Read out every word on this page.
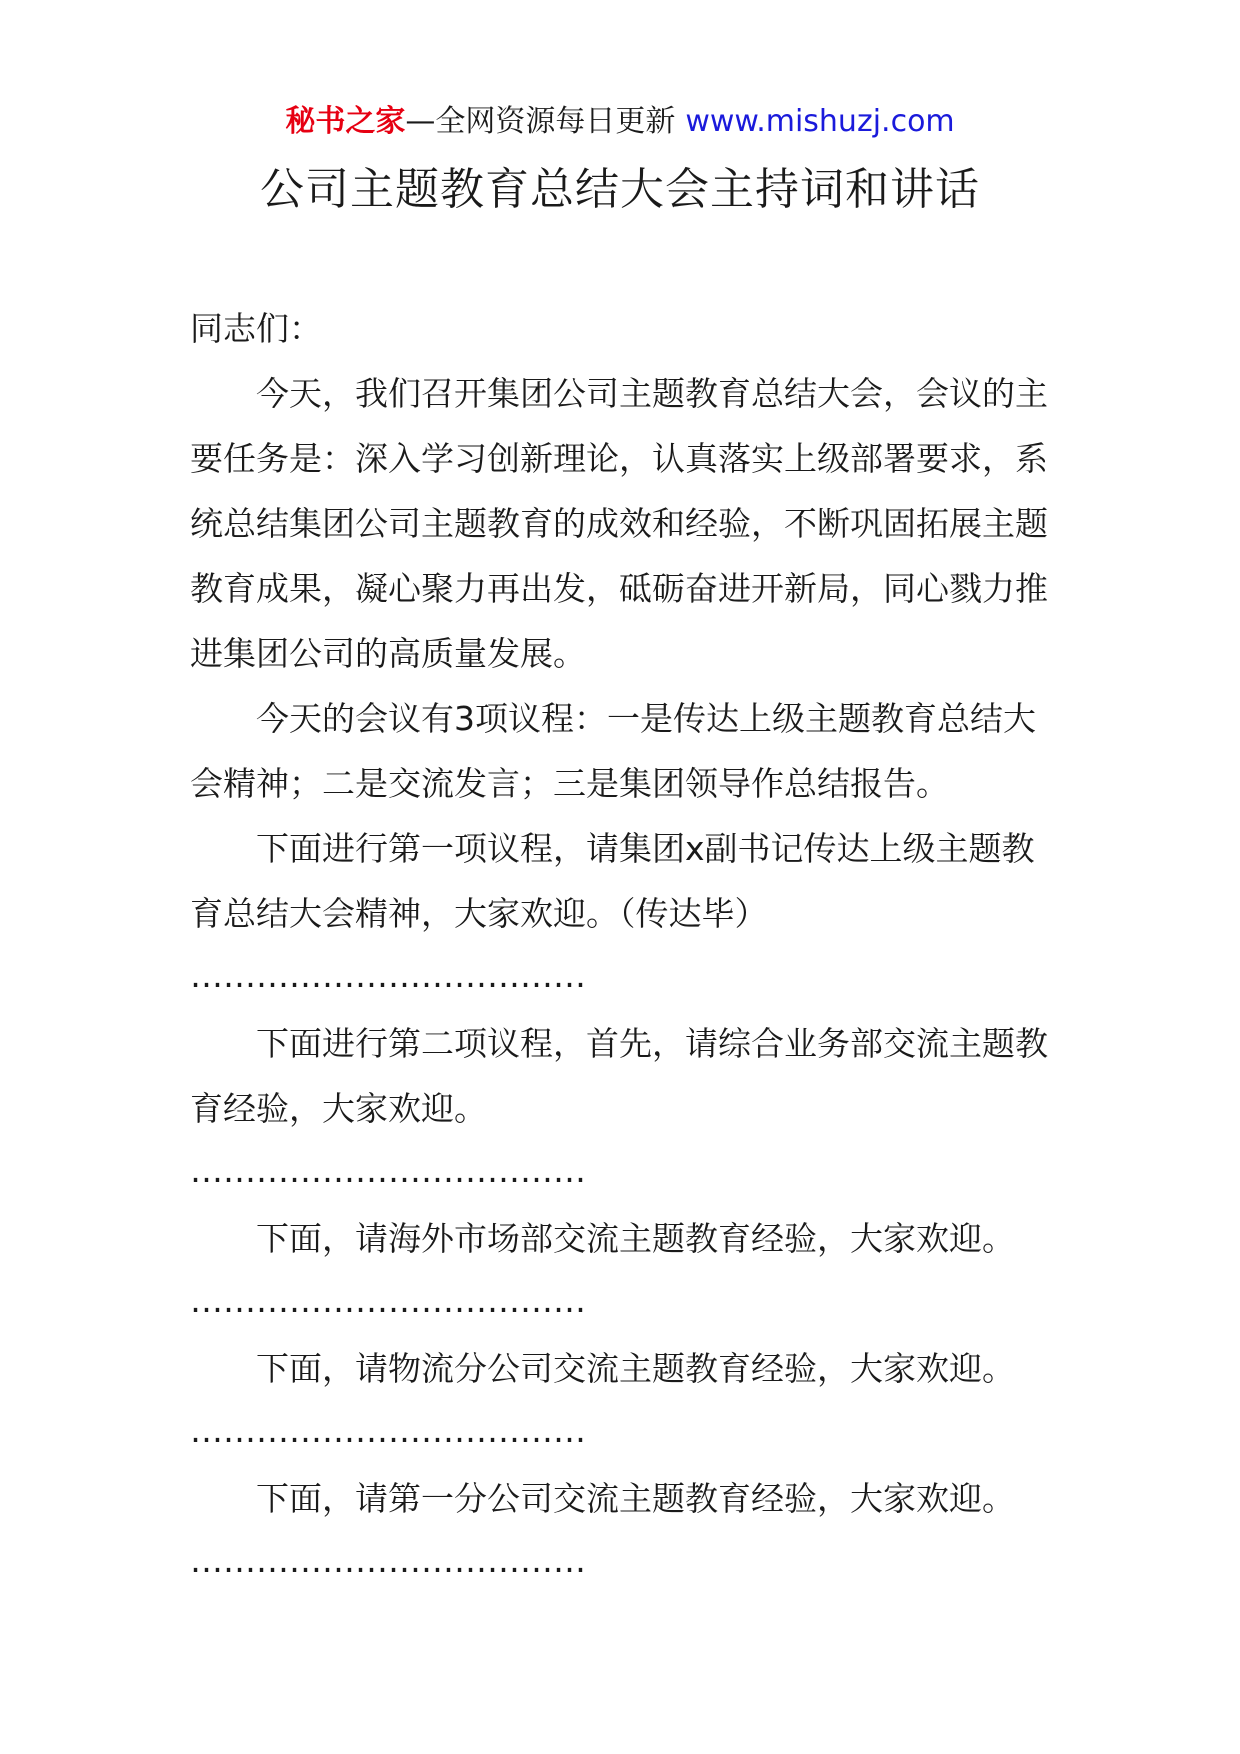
秘书之家—全网资源每日更新 www.mishuzj.com
公司主题教育总结大会主持词和讲话

同志们：

今天，我们召开集团公司主题教育总结大会，会议的主要任务是：深入学习创新理论，认真落实上级部署要求，系统总结集团公司主题教育的成效和经验，不断巩固拓展主题教育成果，凝心聚力再出发，砥砺奋进开新局，同心戮力推进集团公司的高质量发展。

今天的会议有3项议程：一是传达上级主题教育总结大会精神；二是交流发言；三是集团领导作总结报告。

下面进行第一项议程，请集团x副书记传达上级主题教育总结大会精神，大家欢迎。（传达毕）

………………………………

下面进行第二项议程，首先，请综合业务部交流主题教育经验，大家欢迎。

………………………………

下面，请海外市场部交流主题教育经验，大家欢迎。

………………………………

下面，请物流分公司交流主题教育经验，大家欢迎。

………………………………

下面，请第一分公司交流主题教育经验，大家欢迎。

………………………………
